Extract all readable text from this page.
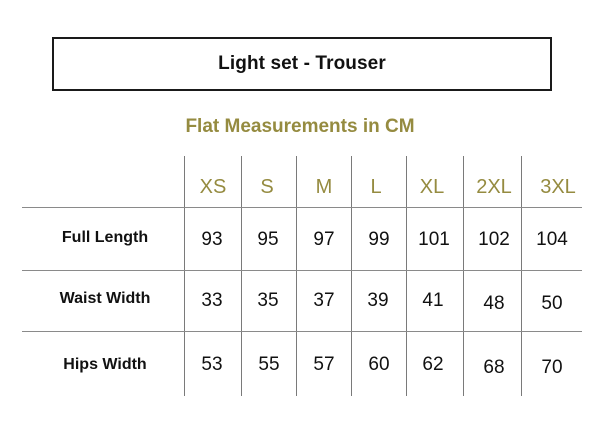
Light set - Trouser
Flat Measurements in CM
XS	S	M	L	XL	2XL	3XL
Full Length	93	95	97	99	101	102	104
Waist Width	33	35	37	39	41	48	50
Hips Width	53	55	57	60	62	68	70
